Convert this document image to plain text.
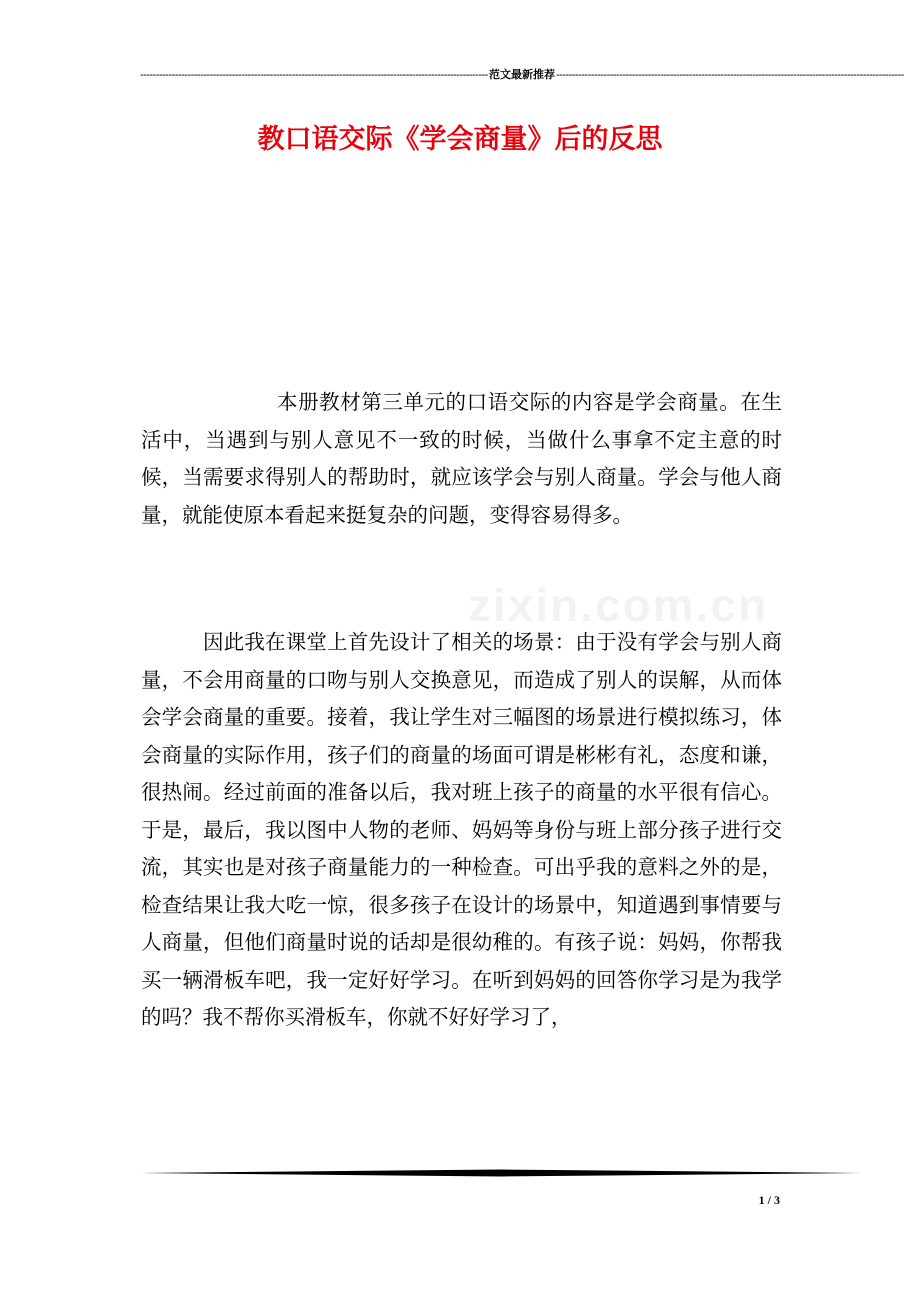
-------------------------------------------------------------------------------------------------------------- 范文最新推荐 --------------------------------------------------------------------------------------------------------------
教口语交际《学会商量》后的反思
zixin.com.cn
本册教材第三单元的口语交际的内容是学会商量。在生活中，当遇到与别人意见不一致的时候，当做什么事拿不定主意的时候，当需要求得别人的帮助时，就应该学会与别人商量。学会与他人商量，就能使原本看起来挺复杂的问题，变得容易得多。
因此我在课堂上首先设计了相关的场景：由于没有学会与别人商量，不会用商量的口吻与别人交换意见，而造成了别人的误解，从而体会学会商量的重要。接着，我让学生对三幅图的场景进行模拟练习，体会商量的实际作用，孩子们的商量的场面可谓是彬彬有礼，态度和谦，很热闹。经过前面的准备以后，我对班上孩子的商量的水平很有信心。于是，最后，我以图中人物的老师、妈妈等身份与班上部分孩子进行交流，其实也是对孩子商量能力的一种检查。可出乎我的意料之外的是，检查结果让我大吃一惊，很多孩子在设计的场景中，知道遇到事情要与人商量，但他们商量时说的话却是很幼稚的。有孩子说：妈妈，你帮我买一辆滑板车吧，我一定好好学习。在听到妈妈的回答你学习是为我学的吗？我不帮你买滑板车，你就不好好学习了，
1 / 3
